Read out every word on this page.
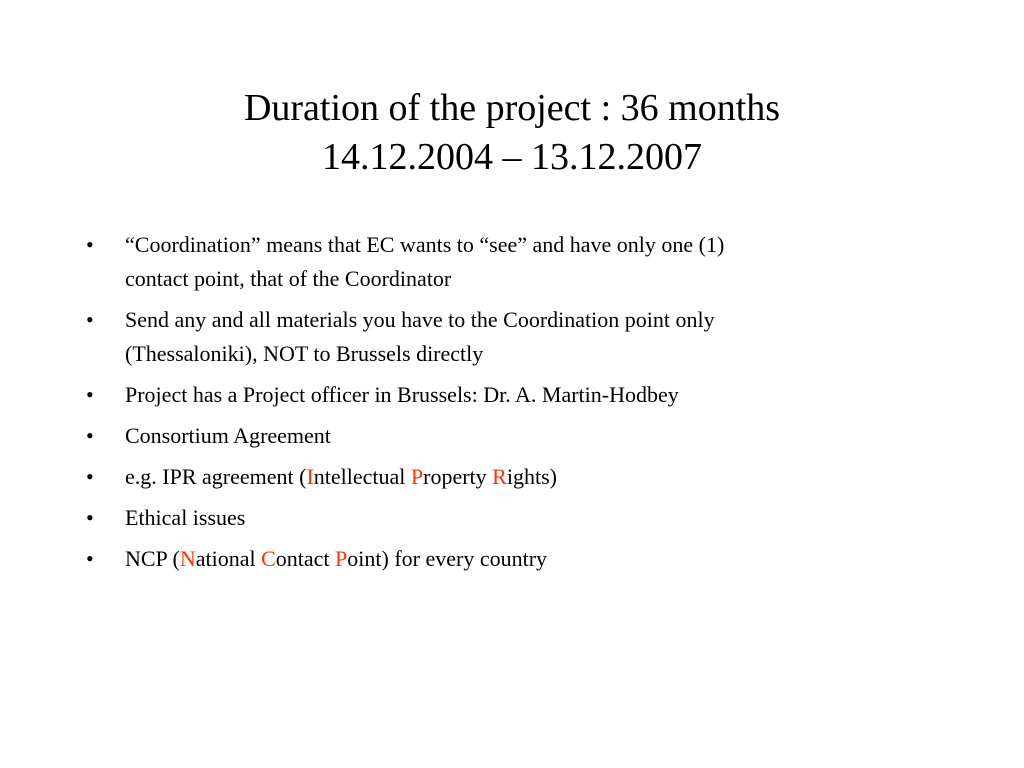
Duration of the project : 36 months
14.12.2004 – 13.12.2007
•	“Coordination” means that EC wants to “see” and have only one (1)
contact point, that of the Coordinator
•	Send any and all materials you have to the Coordination point only
(Thessaloniki), NOT to Brussels directly
•	Project has a Project officer in Brussels: Dr. A. Martin-Hodbey
•	Consortium Agreement
•	e.g. IPR agreement (Intellectual Property Rights)
•	Ethical issues
•	NCP (National Contact Point) for every country
